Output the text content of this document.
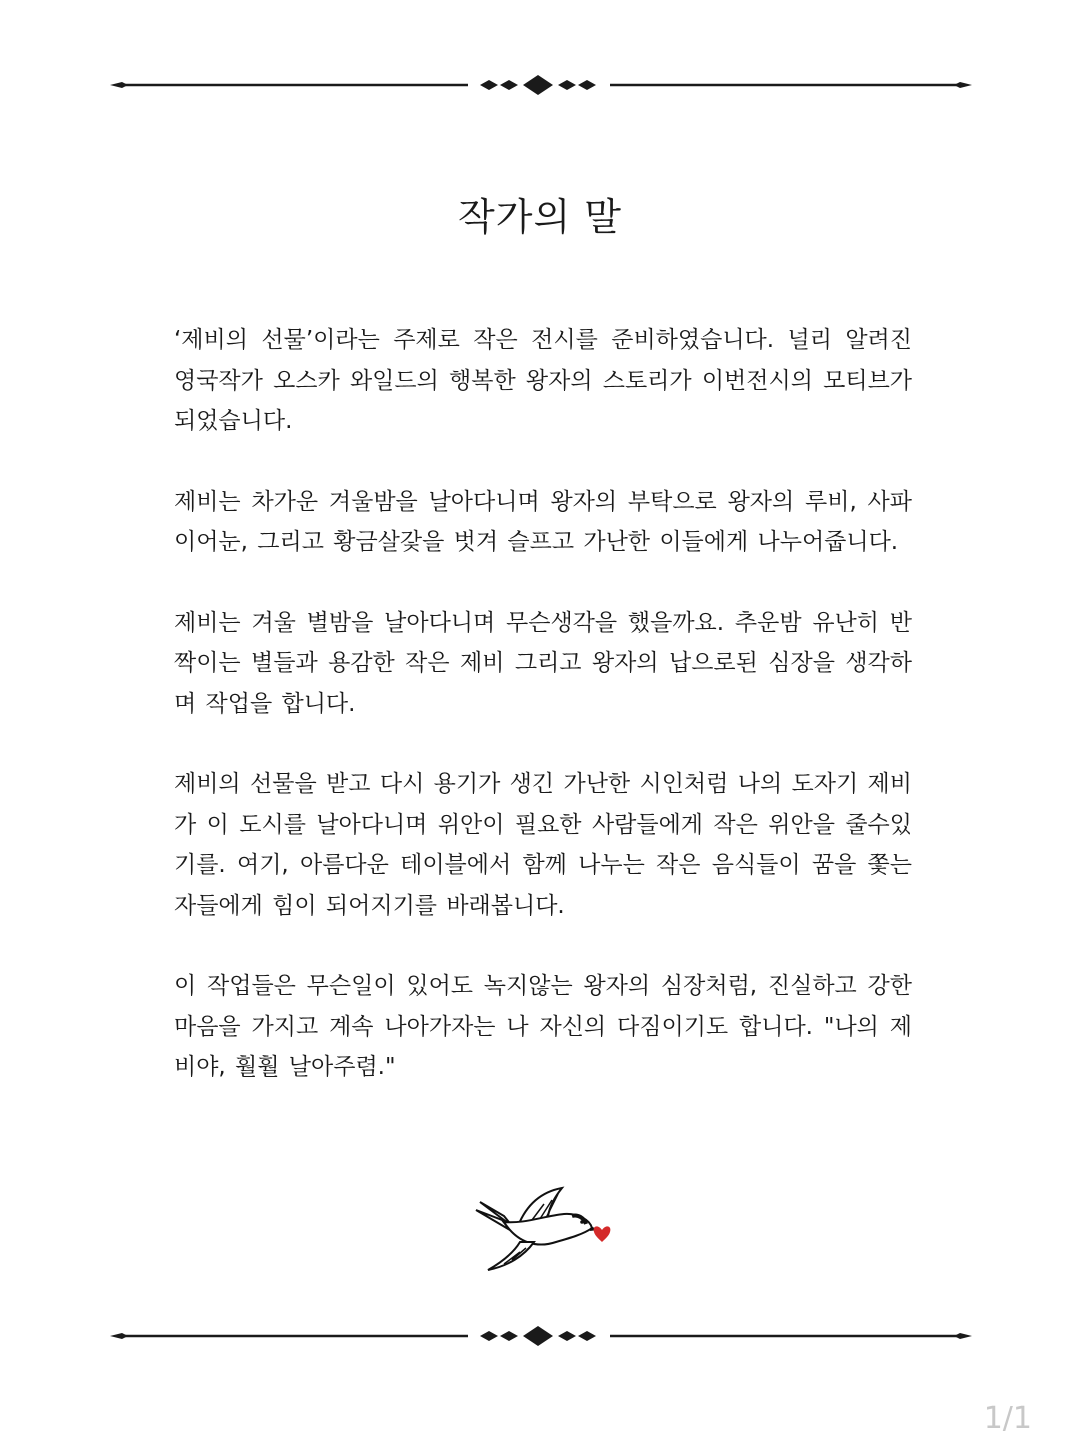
작가의 말

‘제비의 선물’이라는 주제로 작은 전시를 준비하였습니다. 널리 알려진 영국작가 오스카 와일드의 행복한 왕자의 스토리가 이번전시의 모티브가 되었습니다.

제비는 차가운 겨울밤을 날아다니며 왕자의 부탁으로 왕자의 루비, 사파이어눈, 그리고 황금살갗을 벗겨 슬프고 가난한 이들에게 나누어줍니다.

제비는 겨울 별밤을 날아다니며 무슨생각을 했을까요. 추운밤 유난히 반짝이는 별들과 용감한 작은 제비 그리고 왕자의 납으로된 심장을 생각하며 작업을 합니다.

제비의 선물을 받고 다시 용기가 생긴 가난한 시인처럼 나의 도자기 제비가 이 도시를 날아다니며 위안이 필요한 사람들에게 작은 위안을 줄수있기를. 여기, 아름다운 테이블에서 함께 나누는 작은 음식들이 꿈을 쫓는자들에게 힘이 되어지기를 바래봅니다.

이 작업들은 무슨일이 있어도 녹지않는 왕자의 심장처럼, 진실하고 강한 마음을 가지고 계속 나아가자는 나 자신의 다짐이기도 합니다. "나의 제비야, 훨훨 날아주렴."

1/1
